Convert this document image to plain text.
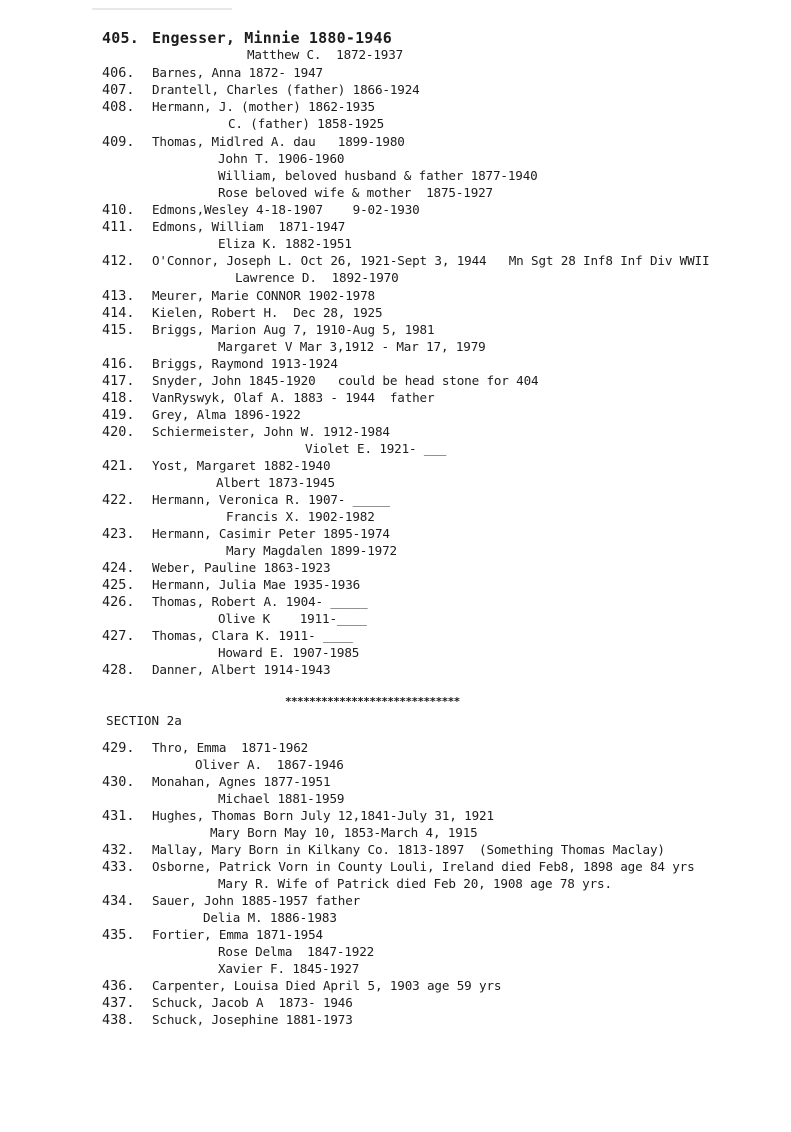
405. Engesser, Minnie 1880-1946
Matthew C.  1872-1937
406. Barnes, Anna 1872- 1947
407. Drantell, Charles (father) 1866-1924
408. Hermann, J. (mother) 1862-1935
C. (father) 1858-1925
409. Thomas, Midlred A. dau   1899-1980
John T. 1906-1960
William, beloved husband & father 1877-1940
Rose beloved wife & mother  1875-1927
410. Edmons,Wesley 4-18-1907    9-02-1930
411. Edmons, William  1871-1947
Eliza K. 1882-1951
412. O'Connor, Joseph L. Oct 26, 1921-Sept 3, 1944   Mn Sgt 28 Inf8 Inf Div WWII
Lawrence D.  1892-1970
413. Meurer, Marie CONNOR 1902-1978
414. Kielen, Robert H.  Dec 28, 1925
415. Briggs, Marion Aug 7, 1910-Aug 5, 1981
Margaret V Mar 3,1912 - Mar 17, 1979
416. Briggs, Raymond 1913-1924
417. Snyder, John 1845-1920   could be head stone for 404
418. VanRyswyk, Olaf A. 1883 - 1944  father
419. Grey, Alma 1896-1922
420. Schiermeister, John W. 1912-1984
Violet E. 1921- ___
421. Yost, Margaret 1882-1940
Albert 1873-1945
422. Hermann, Veronica R. 1907- _____
Francis X. 1902-1982
423. Hermann, Casimir Peter 1895-1974
Mary Magdalen 1899-1972
424. Weber, Pauline 1863-1923
425. Hermann, Julia Mae 1935-1936
426. Thomas, Robert A. 1904- _____
Olive K    1911-____
427. Thomas, Clara K. 1911- ____
Howard E. 1907-1985
428. Danner, Albert 1914-1943
*****************************
SECTION 2a
429. Thro, Emma  1871-1962
Oliver A.  1867-1946
430. Monahan, Agnes 1877-1951
Michael 1881-1959
431. Hughes, Thomas Born July 12,1841-July 31, 1921
Mary Born May 10, 1853-March 4, 1915
432. Mallay, Mary Born in Kilkany Co. 1813-1897  (Something Thomas Maclay)
433. Osborne, Patrick Vorn in County Louli, Ireland died Feb8, 1898 age 84 yrs
Mary R. Wife of Patrick died Feb 20, 1908 age 78 yrs.
434. Sauer, John 1885-1957 father
Delia M. 1886-1983
435. Fortier, Emma 1871-1954
Rose Delma  1847-1922
Xavier F. 1845-1927
436. Carpenter, Louisa Died April 5, 1903 age 59 yrs
437. Schuck, Jacob A  1873- 1946
438. Schuck, Josephine 1881-1973
